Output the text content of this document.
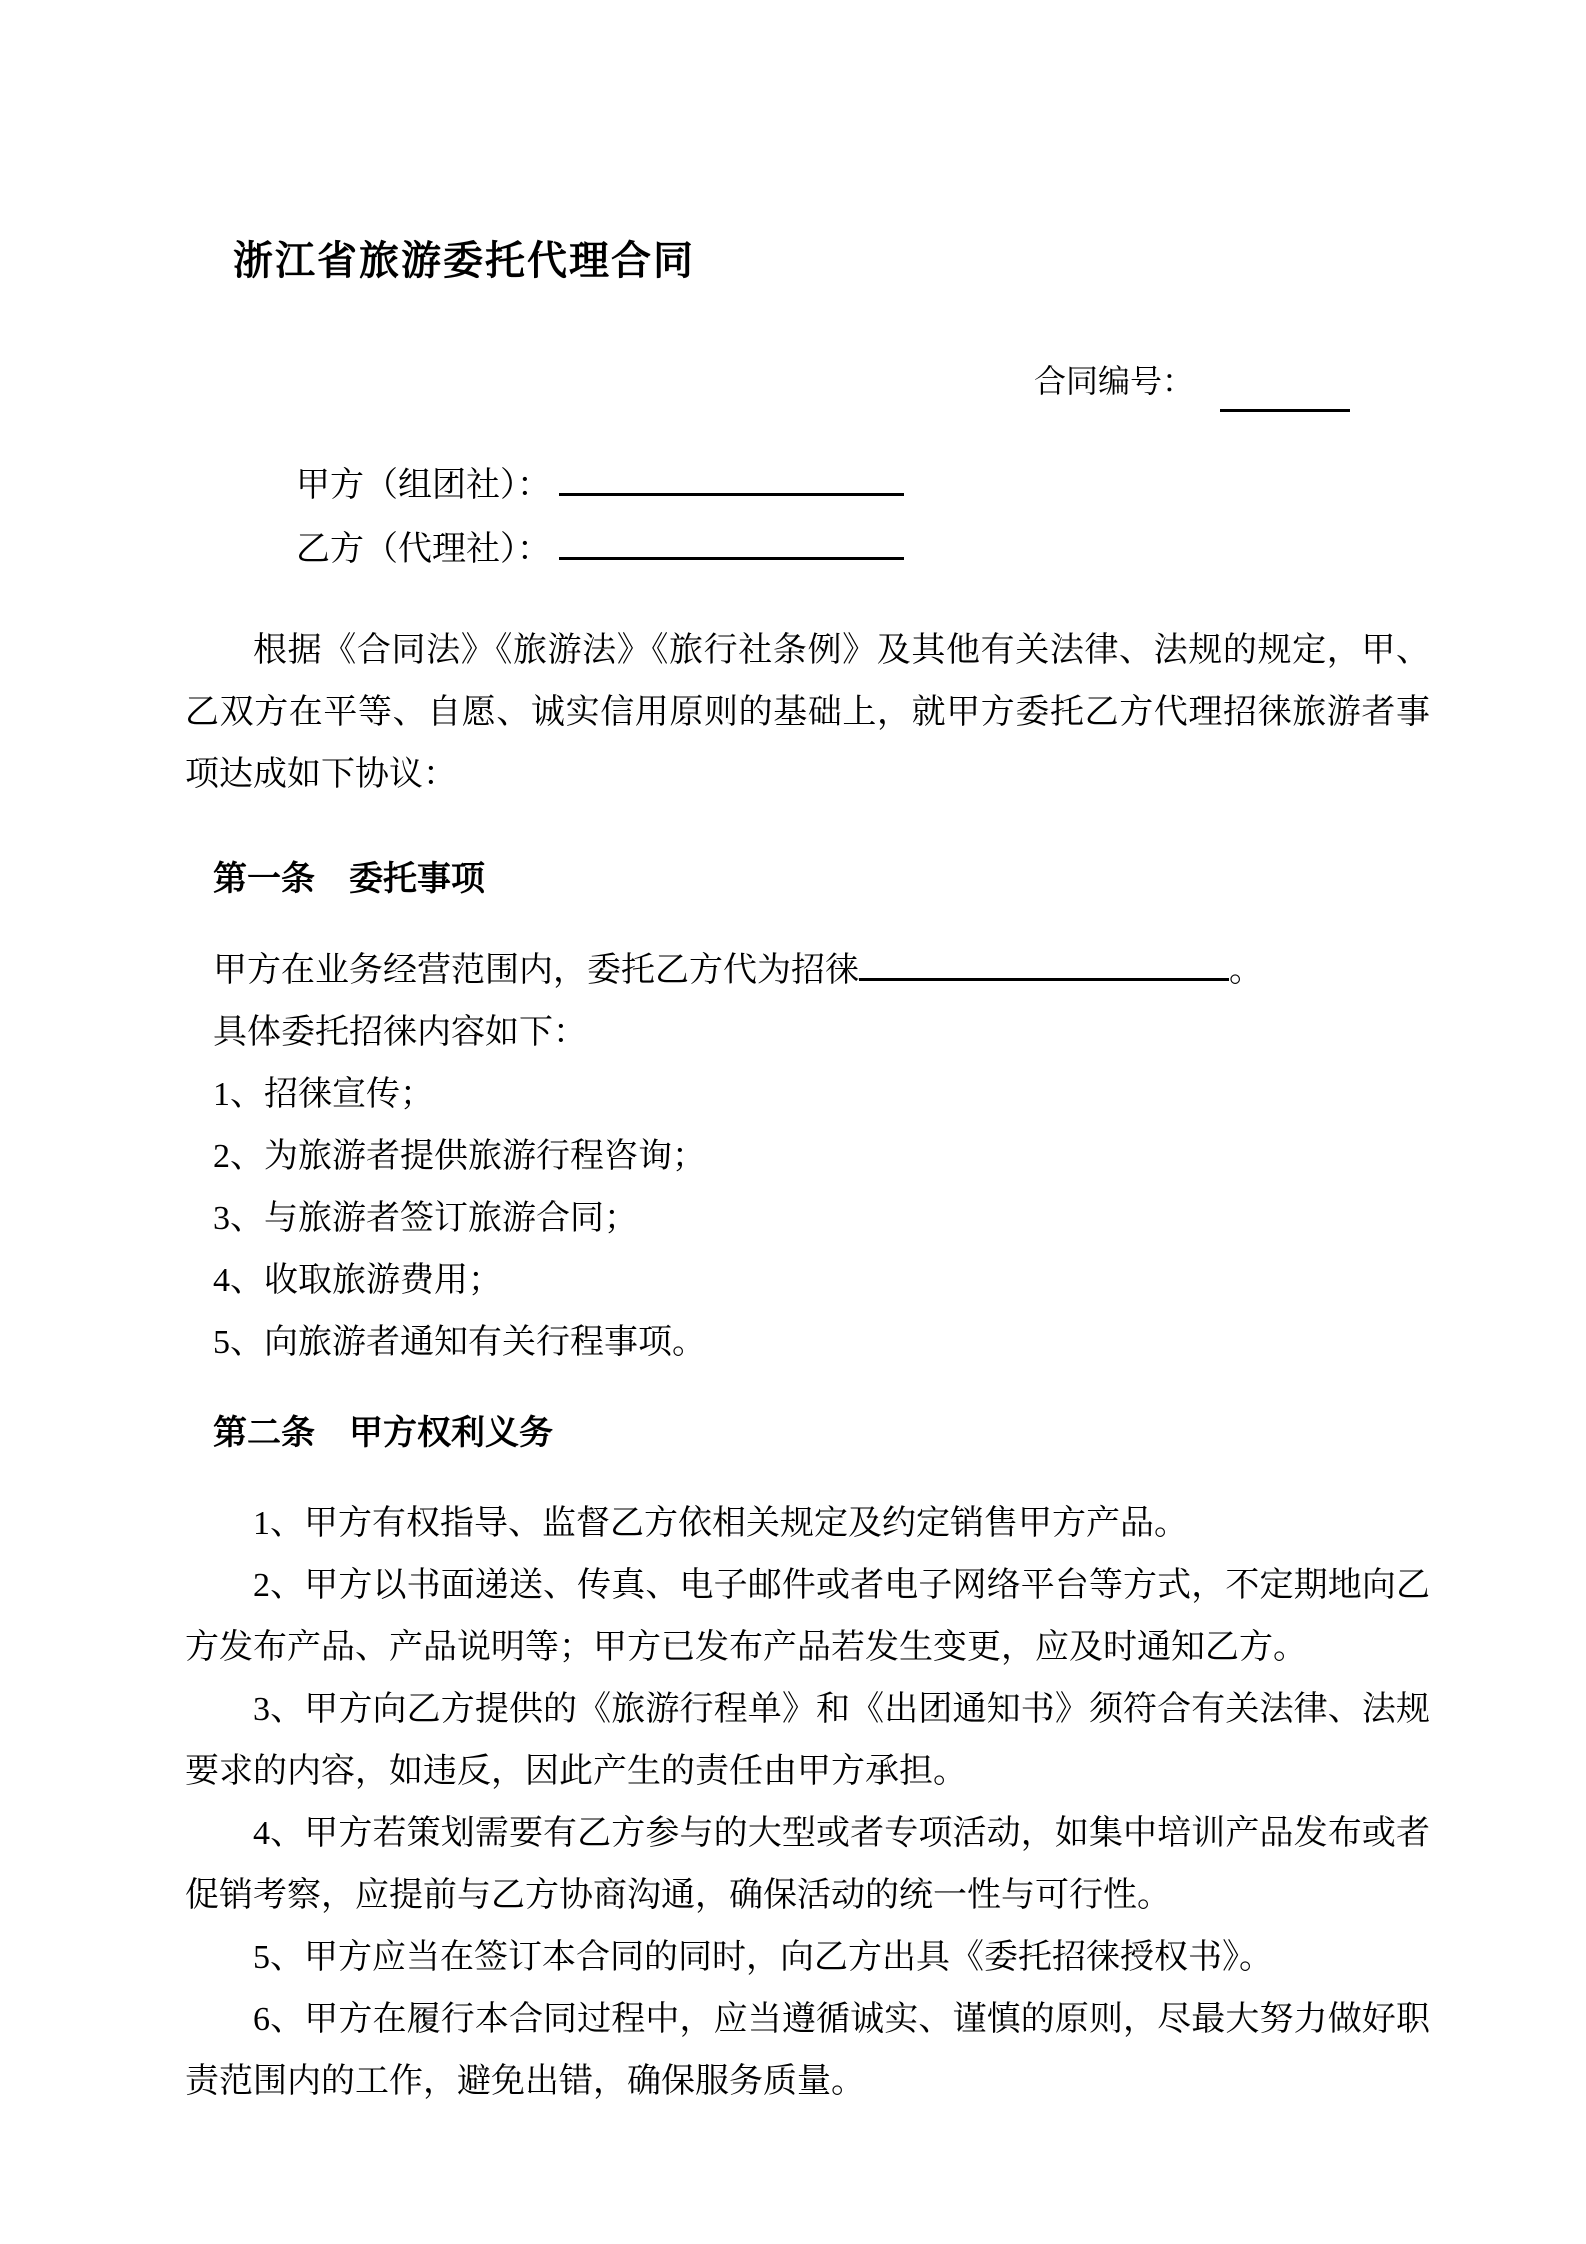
浙江省旅游委托代理合同
合同编号：
甲方（组团社）：
乙方（代理社）：

根据《合同法》《旅游法》《旅行社条例》及其他有关法律、法规的规定，甲、乙双方在平等、自愿、诚实信用原则的基础上，就甲方委托乙方代理招徕旅游者事项达成如下协议：

第一条　委托事项
甲方在业务经营范围内，委托乙方代为招徕	。
具体委托招徕内容如下：
1、招徕宣传；
2、为旅游者提供旅游行程咨询；
3、与旅游者签订旅游合同；
4、收取旅游费用；
5、向旅游者通知有关行程事项。
第二条　甲方权利义务
1、甲方有权指导、监督乙方依相关规定及约定销售甲方产品。
2、甲方以书面递送、传真、电子邮件或者电子网络平台等方式，不定期地向乙方发布产品、产品说明等；甲方已发布产品若发生变更，应及时通知乙方。
3、甲方向乙方提供的《旅游行程单》和《出团通知书》须符合有关法律、法规要求的内容，如违反，因此产生的责任由甲方承担。
4、甲方若策划需要有乙方参与的大型或者专项活动，如集中培训产品发布或者促销考察，应提前与乙方协商沟通，确保活动的统一性与可行性。
5、甲方应当在签订本合同的同时，向乙方出具《委托招徕授权书》。
6、甲方在履行本合同过程中，应当遵循诚实、谨慎的原则，尽最大努力做好职责范围内的工作，避免出错，确保服务质量。
